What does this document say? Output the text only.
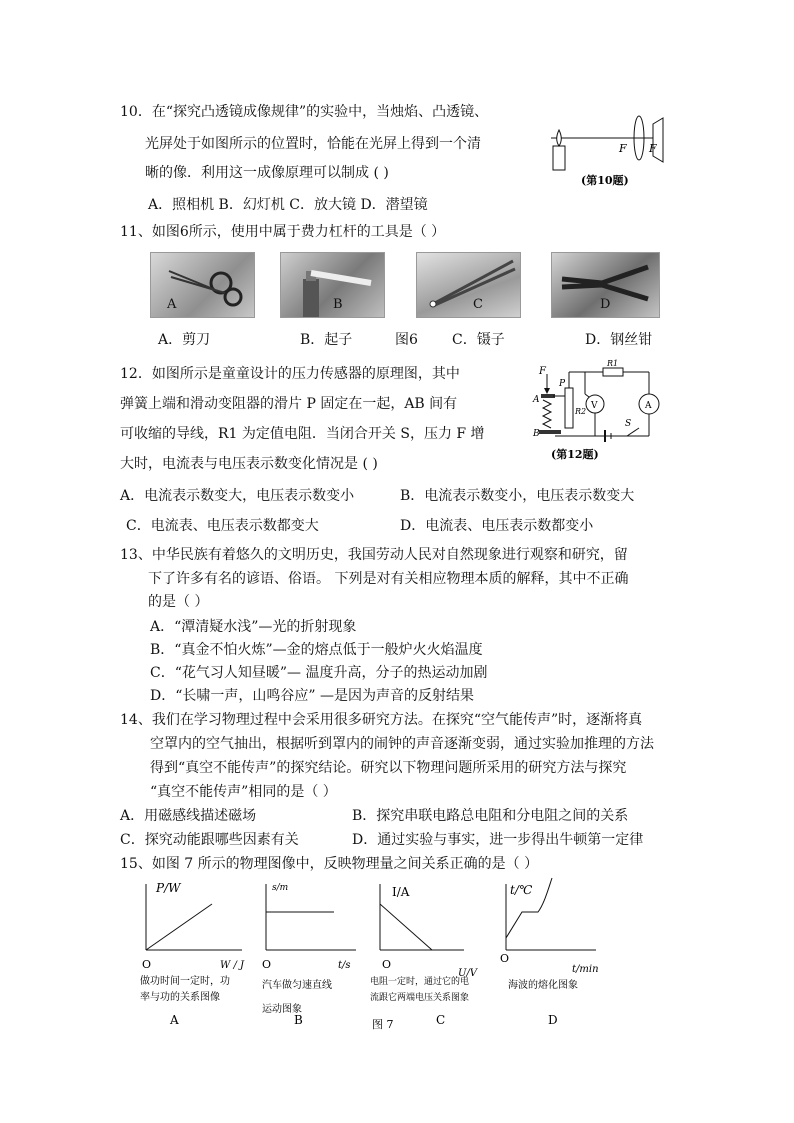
10．在“探究凸透镜成像规律”的实验中，当烛焰、凸透镜、
光屏处于如图所示的位置时，恰能在光屏上得到一个清
晰的像．利用这一成像原理可以制成 ( )
A．照相机 B．幻灯机 C．放大镜 D．潜望镜
F F
(第10题)
11、如图6所示，使用中属于费力杠杆的工具是（ ）
A	B	C	D
A．剪刀	B．起子	图6 C．镊子	D．钢丝钳
12．如图所示是童童设计的压力传感器的原理图，其中
弹簧上端和滑动变阻器的滑片 P 固定在一起，AB 间有
可收缩的导线，R1 为定值电阻．当闭合开关 S，压力 F 增
大时，电流表与电压表示数变化情况是 ( )
F
P
A
B
R1
R2
V	A
S
(第12题)
A．电流表示数变大，电压表示数变小	B．电流表示数变小，电压表示数变大
C．电流表、电压表示数都变大	D．电流表、电压表示数都变小
13、中华民族有着悠久的文明历史，我国劳动人民对自然现象进行观察和研究，留
下了许多有名的谚语、俗语。 下列是对有关相应物理本质的解释，其中不正确
的是（ ）
A．“潭清疑水浅”—光的折射现象
B．“真金不怕火炼”—金的熔点低于一般炉火火焰温度
C．“花气习人知昼暖”— 温度升高，分子的热运动加剧
D．“长啸一声，山鸣谷应” —是因为声音的反射结果
14、我们在学习物理过程中会采用很多研究方法。在探究“空气能传声”时，逐渐将真
空罩内的空气抽出，根据听到罩内的闹钟的声音逐渐变弱，通过实验加推理的方法
得到“真空不能传声”的探究结论。研究以下物理问题所采用的研究方法与探究
“真空不能传声”相同的是（ ）
A．用磁感线描述磁场	B．探究串联电路总电阻和分电阻之间的关系
C．探究动能跟哪些因素有关	D．通过实验与事实，进一步得出牛顿第一定律
15、如图 7 所示的物理图像中，反映物理量之间关系正确的是（ ）
P/W
O	W / J
做功时间一定时，功
率与功的关系图像
A
s/m
O	t/s
汽车做匀速直线
运动图象
B
I/A
O
U/V
电阻一定时，通过它的电
流跟它两端电压关系图象
图 7	C
t/℃
O
t/min
海波的熔化图象
D
